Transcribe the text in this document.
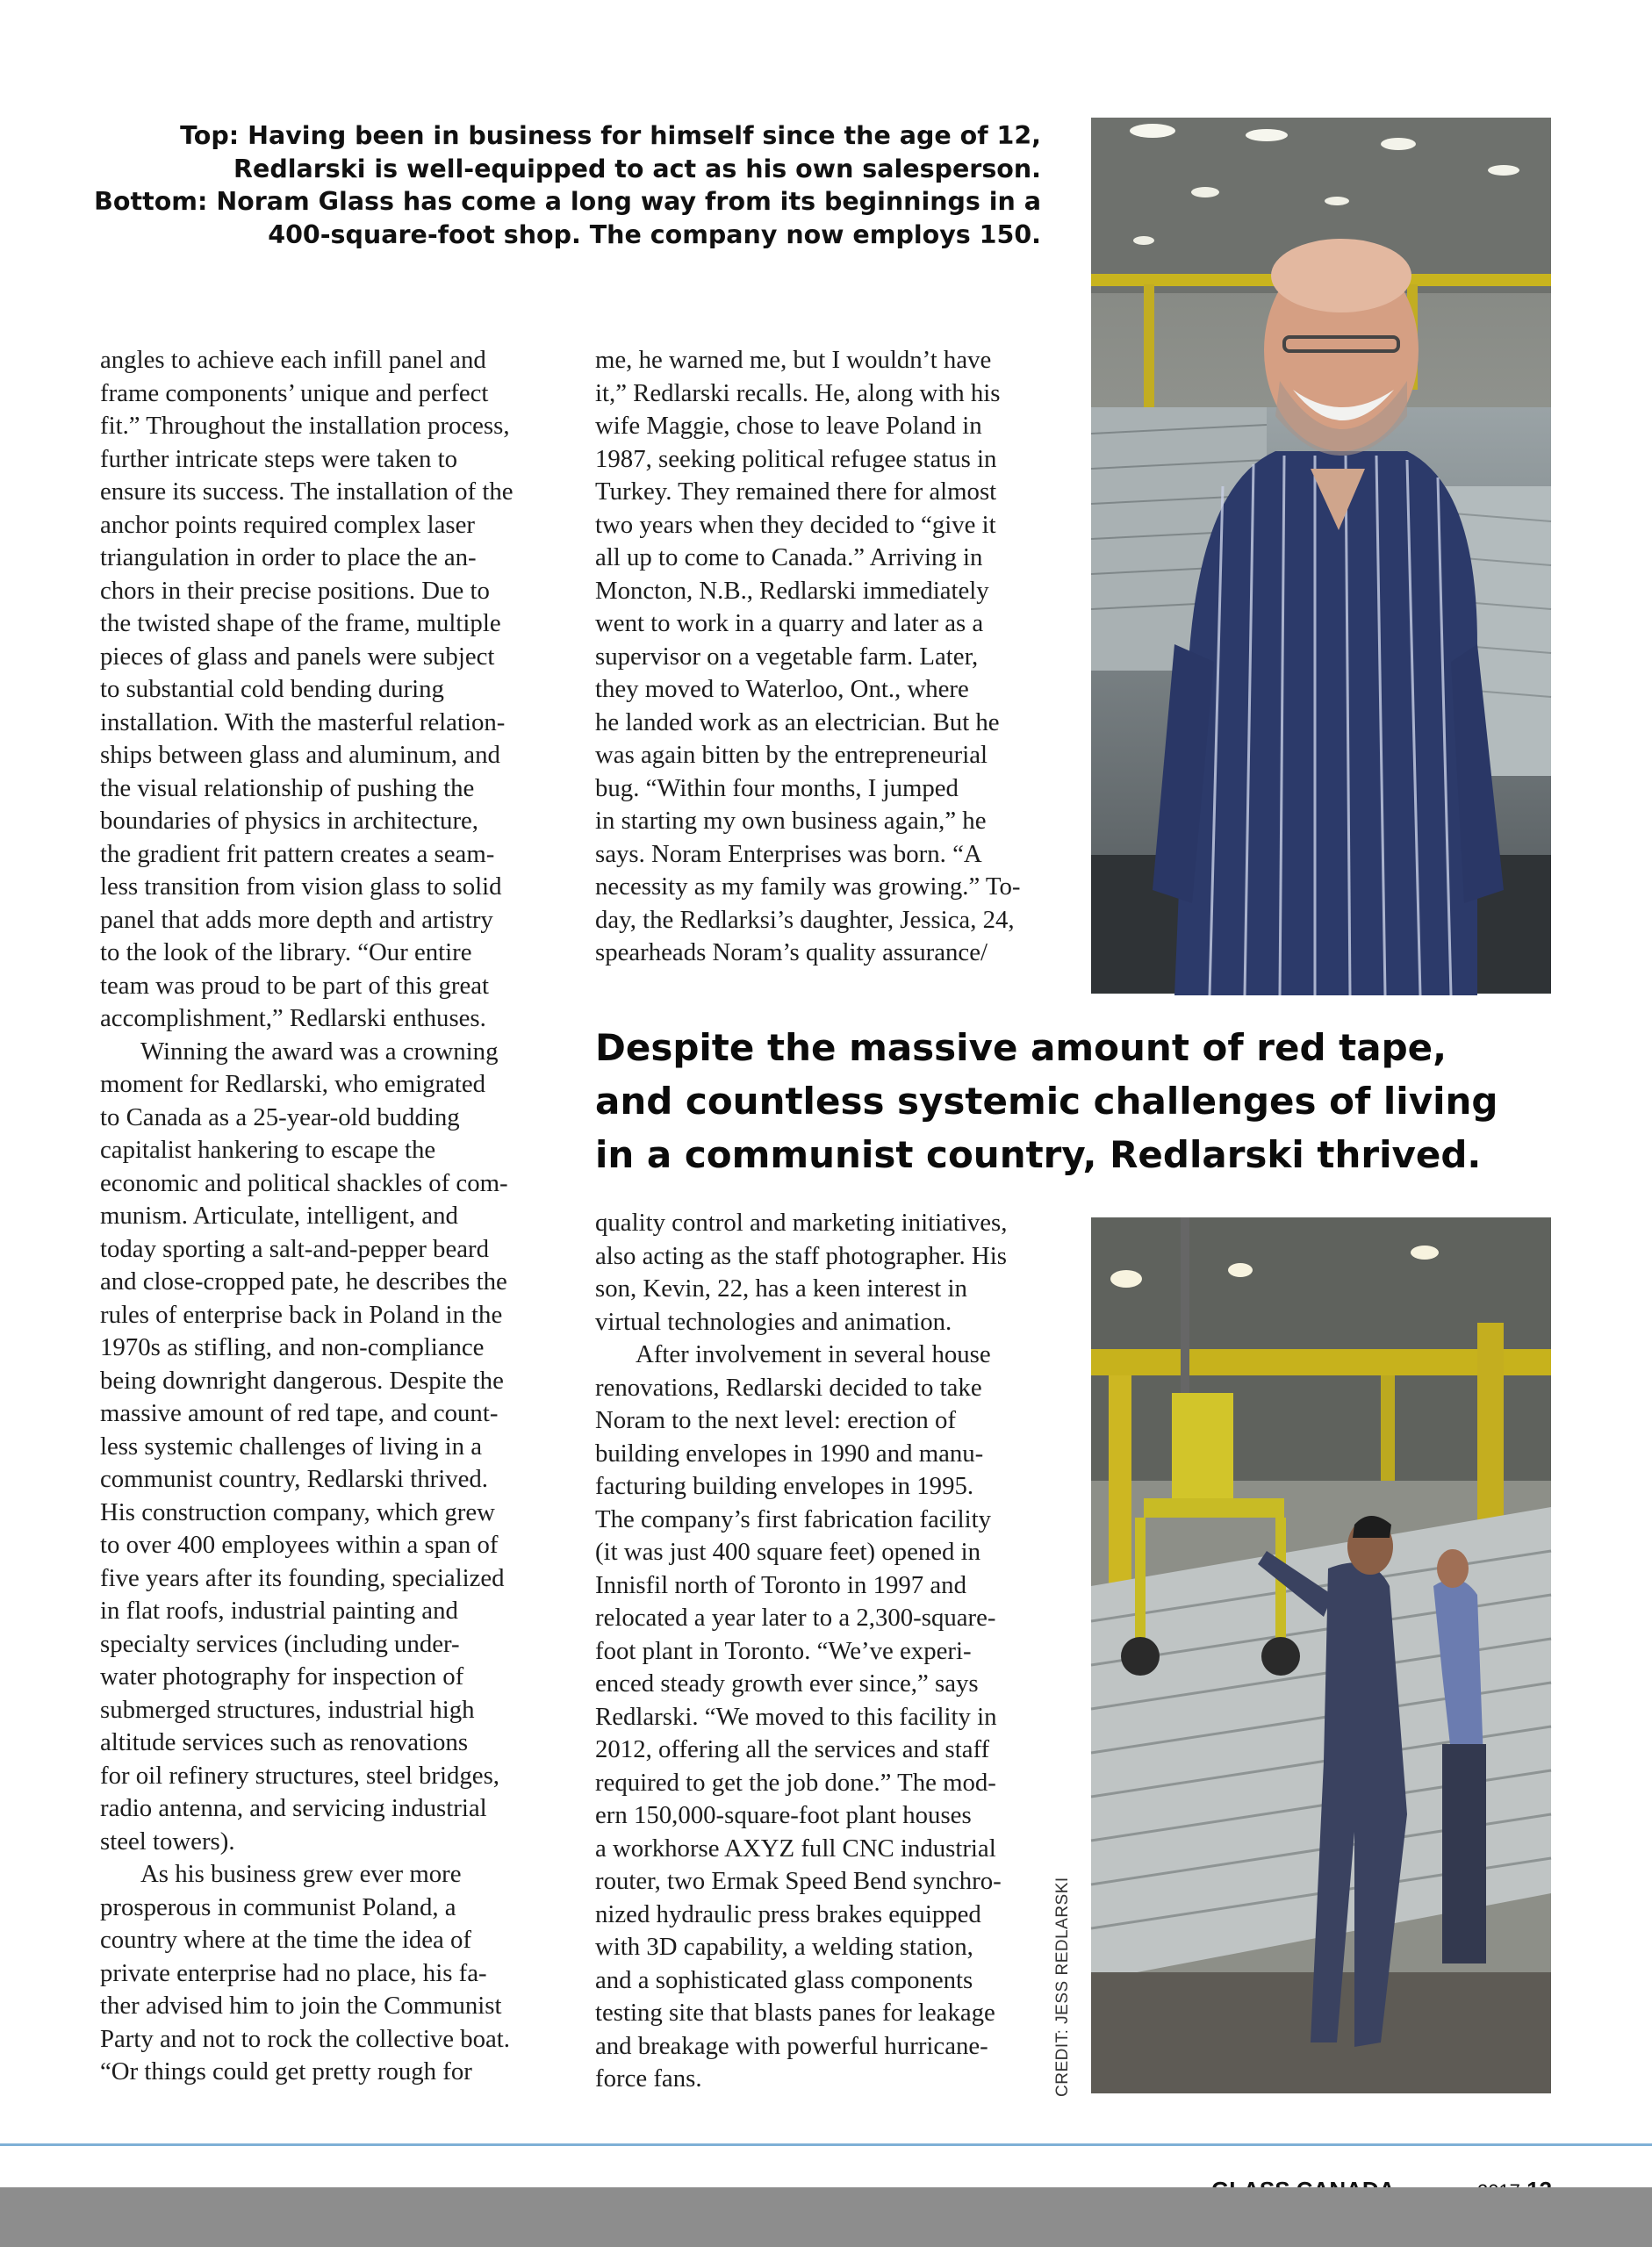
Top: Having been in business for himself since the age of 12,
Redlarski is well-equipped to act as his own salesperson.
Bottom: Noram Glass has come a long way from its beginnings in a
400-square-foot shop. The company now employs 150.
angles to achieve each infill panel and
frame components’ unique and perfect
fit.” Throughout the installation process,
further intricate steps were taken to
ensure its success. The installation of the
anchor points required complex laser
triangulation in order to place the an-
chors in their precise positions. Due to
the twisted shape of the frame, multiple
pieces of glass and panels were subject
to substantial cold bending during
installation. With the masterful relation-
ships between glass and aluminum, and
the visual relationship of pushing the
boundaries of physics in architecture,
the gradient frit pattern creates a seam-
less transition from vision glass to solid
panel that adds more depth and artistry
to the look of the library. “Our entire
team was proud to be part of this great
accomplishment,” Redlarski enthuses.
Winning the award was a crowning
moment for Redlarski, who emigrated
to Canada as a 25-year-old budding
capitalist hankering to escape the
economic and political shackles of com-
munism. Articulate, intelligent, and
today sporting a salt-and-pepper beard
and close-cropped pate, he describes the
rules of enterprise back in Poland in the
1970s as stifling, and non-compliance
being downright dangerous. Despite the
massive amount of red tape, and count-
less systemic challenges of living in a
communist country, Redlarski thrived.
His construction company, which grew
to over 400 employees within a span of
five years after its founding, specialized
in flat roofs, industrial painting and
specialty services (including under-
water photography for inspection of
submerged structures, industrial high
altitude services such as renovations
for oil refinery structures, steel bridges,
radio antenna, and servicing industrial
steel towers).
As his business grew ever more
prosperous in communist Poland, a
country where at the time the idea of
private enterprise had no place, his fa-
ther advised him to join the Communist
Party and not to rock the collective boat.
“Or things could get pretty rough for
me, he warned me, but I wouldn’t have
it,” Redlarski recalls. He, along with his
wife Maggie, chose to leave Poland in
1987, seeking political refugee status in
Turkey. They remained there for almost
two years when they decided to “give it
all up to come to Canada.” Arriving in
Moncton, N.B., Redlarski immediately
went to work in a quarry and later as a
supervisor on a vegetable farm. Later,
they moved to Waterloo, Ont., where
he landed work as an electrician. But he
was again bitten by the entrepreneurial
bug. “Within four months, I jumped
in starting my own business again,” he
says. Noram Enterprises was born. “A
necessity as my family was growing.” To-
day, the Redlarksi’s daughter, Jessica, 24,
spearheads Noram’s quality assurance/
Despite the massive amount of red tape,
and countless systemic challenges of living
in a communist country, Redlarski thrived.
quality control and marketing initiatives,
also acting as the staff photographer. His
son, Kevin, 22, has a keen interest in
virtual technologies and animation.
After involvement in several house
renovations, Redlarski decided to take
Noram to the next level: erection of
building envelopes in 1990 and manu-
facturing building envelopes in 1995.
The company’s first fabrication facility
(it was just 400 square feet) opened in
Innisfil north of Toronto in 1997 and
relocated a year later to a 2,300-square-
foot plant in Toronto. “We’ve experi-
enced steady growth ever since,” says
Redlarski. “We moved to this facility in
2012, offering all the services and staff
required to get the job done.” The mod-
ern 150,000-square-foot plant houses
a workhorse AXYZ full CNC industrial
router, two Ermak Speed Bend synchro-
nized hydraulic press brakes equipped
with 3D capability, a welding station,
and a sophisticated glass components
testing site that blasts panes for leakage
and breakage with powerful hurricane-
force fans.	CREDIT: JESS REDLARSKI
